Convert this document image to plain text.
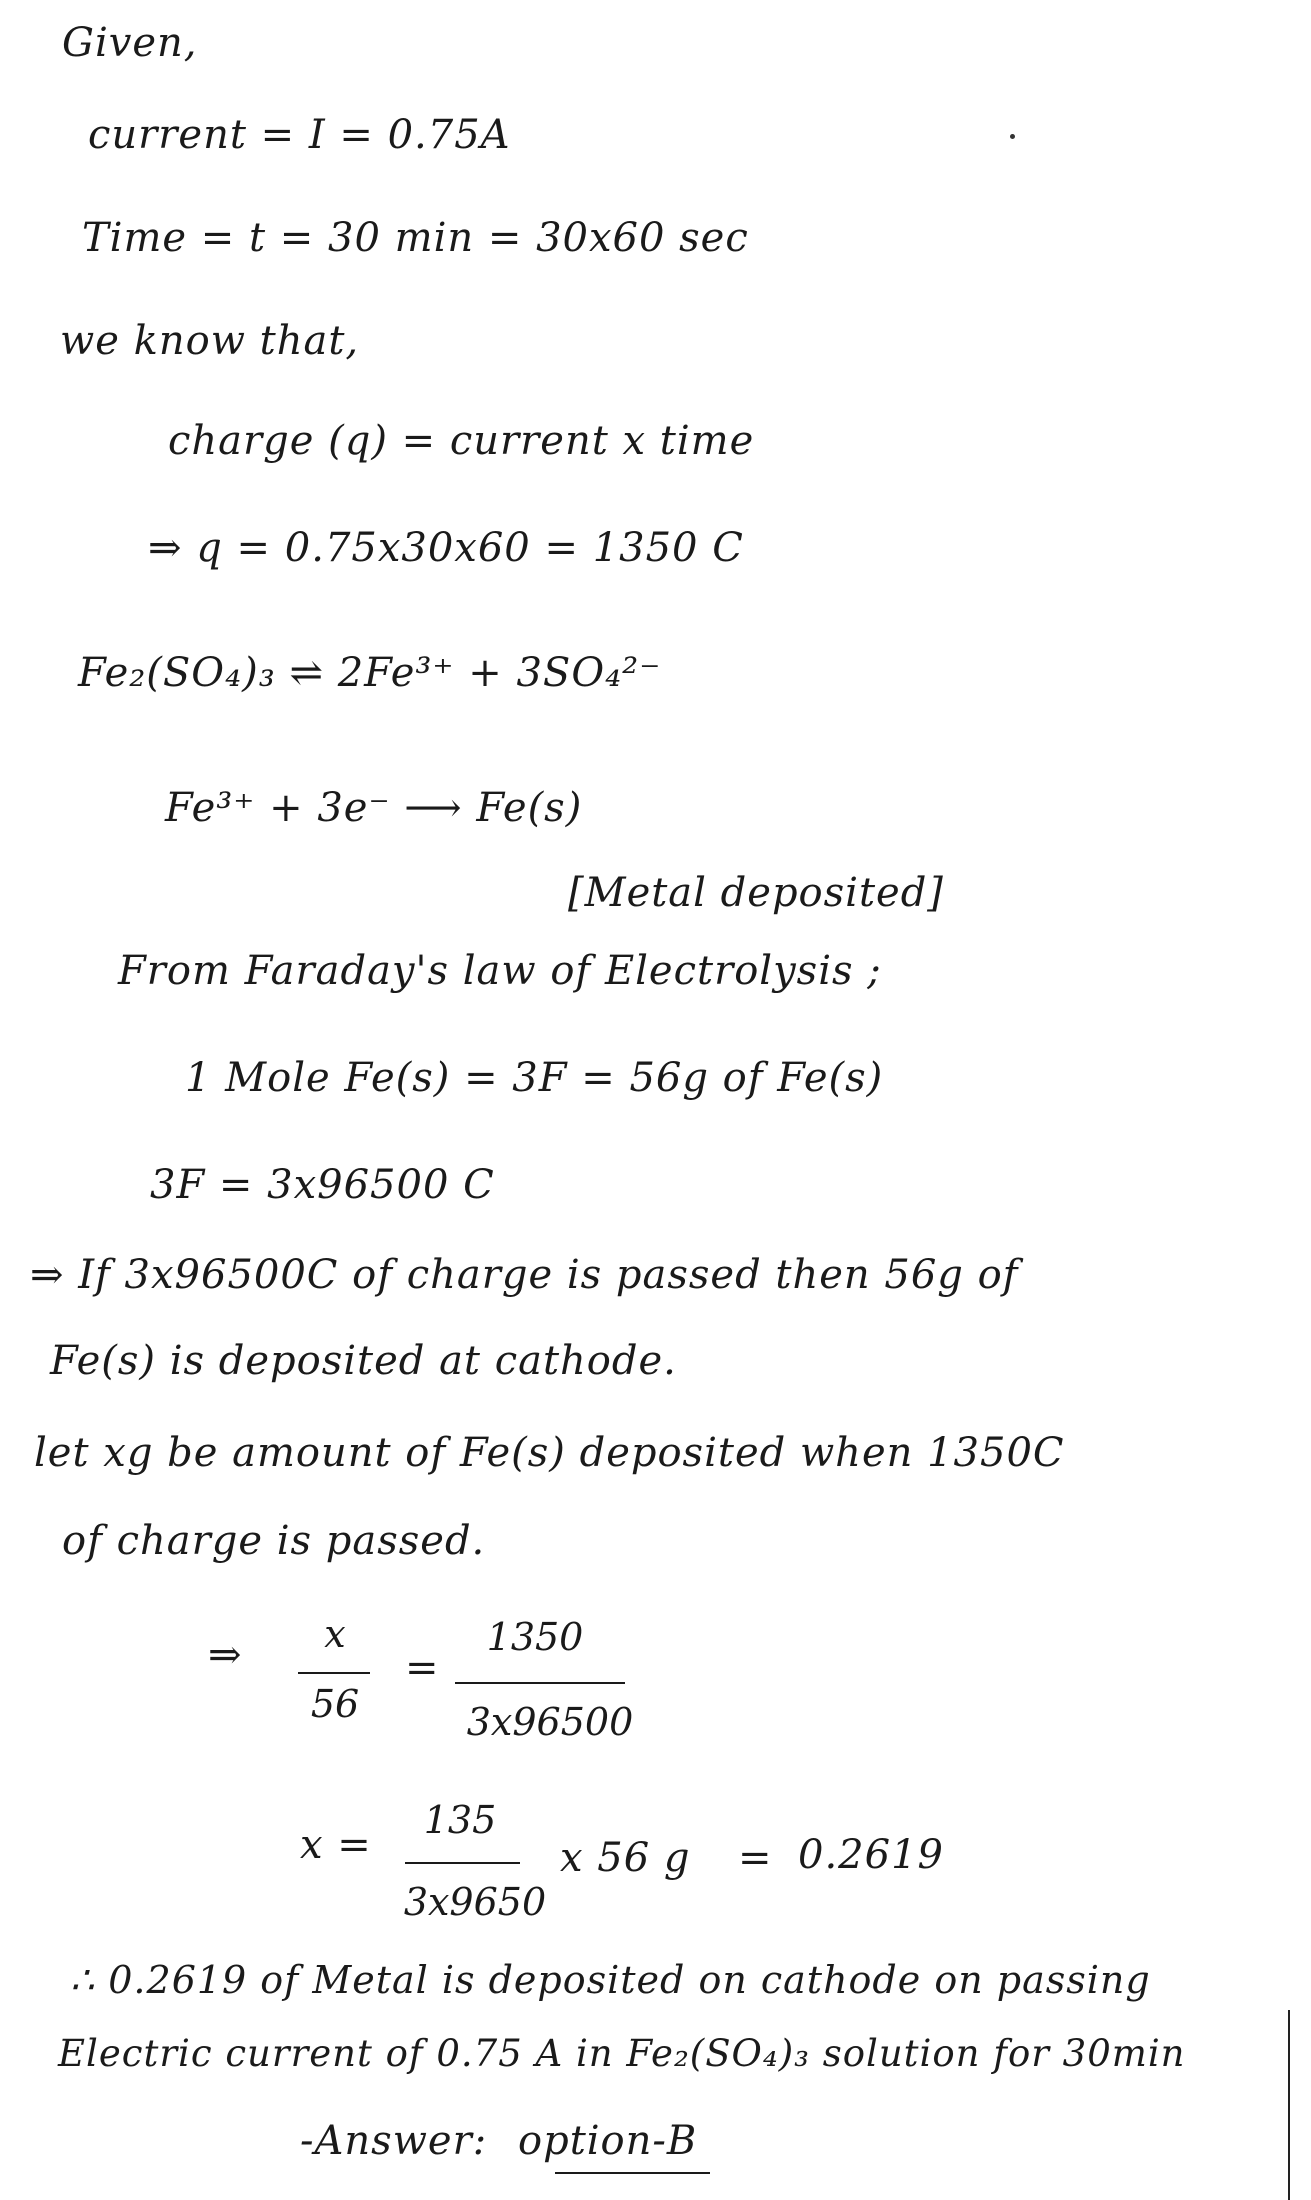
Given,
current = I = 0.75A
Time = t = 30 min = 30x60 sec
we know that,
charge (q) = current x time
⇒ q = 0.75x30x60 = 1350 C
Fe₂(SO₄)₃ ⇌ 2Fe³⁺ + 3SO₄²⁻
Fe³⁺ + 3e⁻ ⟶ Fe(s)
[Metal deposited]
From Faraday's law of Electrolysis ;
1 Mole Fe(s) = 3F = 56g of Fe(s)
3F = 3x96500 C
⇒ If 3x96500C of charge is passed then 56g of
Fe(s) is deposited at cathode.
let xg be amount of Fe(s) deposited when 1350C
of charge is passed.
⇒	x
56
=
1350
3x96500
x =
135
3x9650
x 56 g = 0.2619
∴ 0.2619 of Metal is deposited on cathode on passing
Electric current of 0.75 A in Fe₂(SO₄)₃ solution for 30min
-Answer: option-B
